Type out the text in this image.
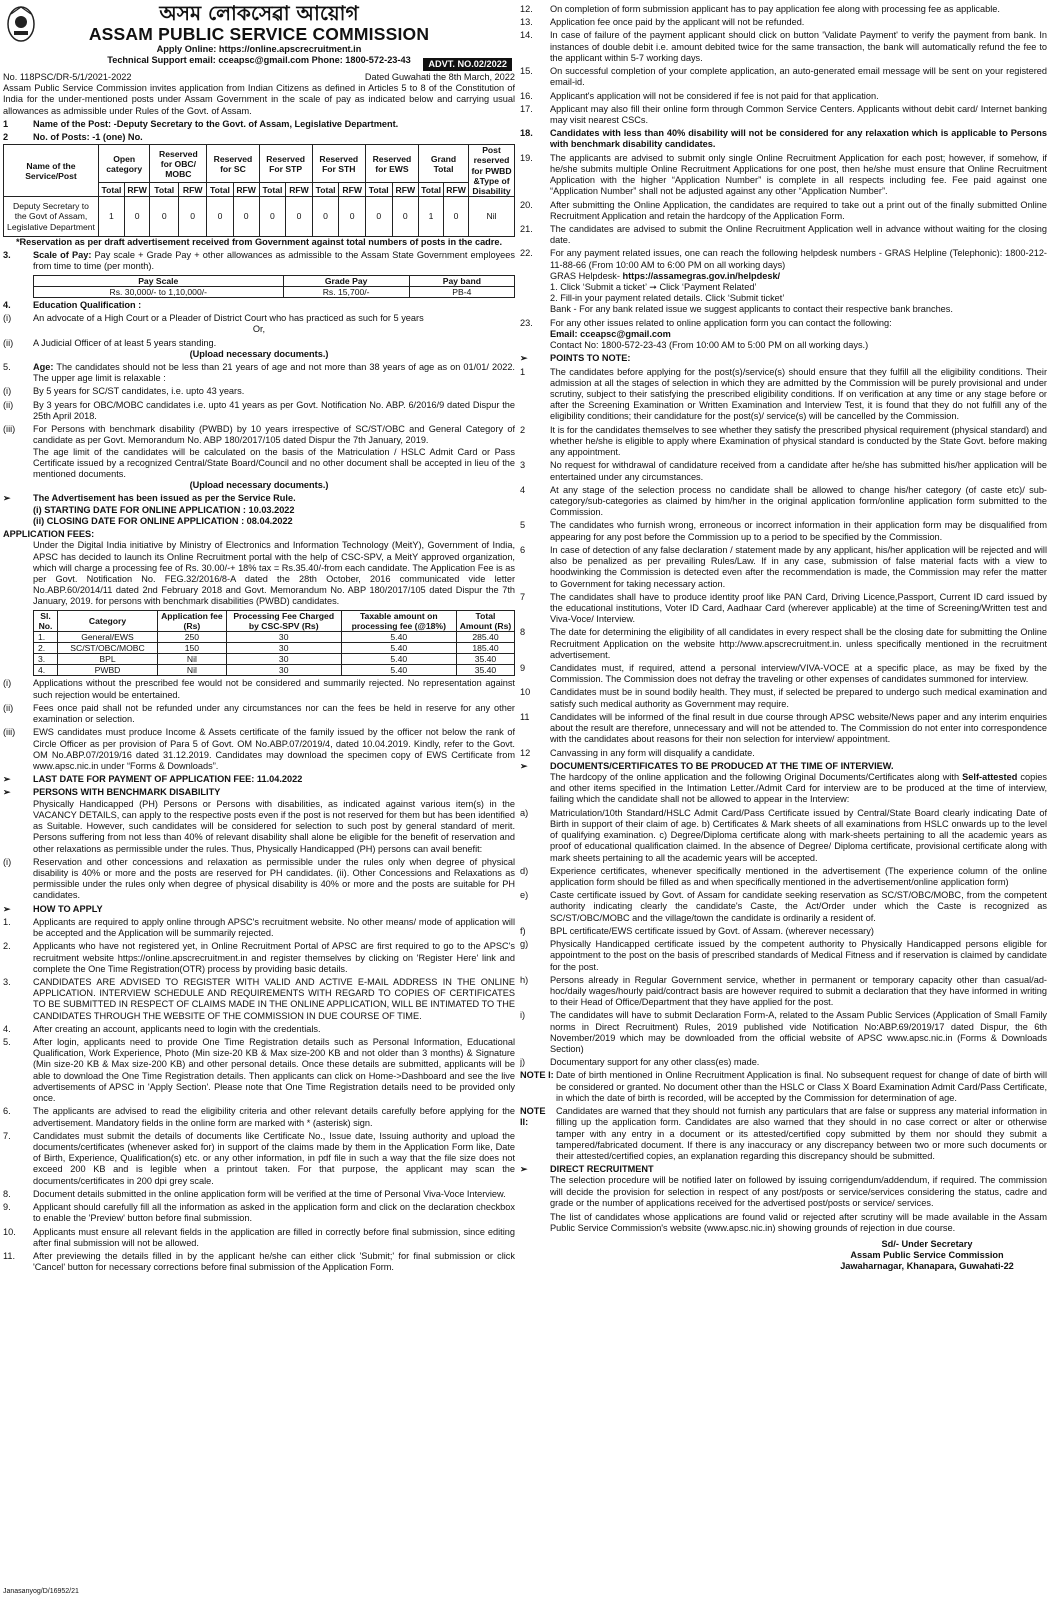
অসম লোকসেৱা আয়োগ
ASSAM PUBLIC SERVICE COMMISSION
Apply Online: https://online.apscrecruitment.in
Technical Support email: cceapsc@gmail.com Phone: 1800-572-23-43	ADVT. NO.02/2022
No. 118PSC/DR-5/1/2021-2022	Dated Guwahati the 8th March, 2022

Assam Public Service Commission invites application from Indian Citizens as defined in Articles 5 to 8 of the Constitution of India for the under-mentioned posts under Assam Government in the scale of pay as indicated below and carrying usual allowances as admissible under Rules of the Govt. of Assam.

1	Name of the Post: -Deputy Secretary to the Govt. of Assam, Legislative Department.
2	No. of Posts: -1 (one) No.
Name of the Service/Post	Open category		Reserved for OBC/ MOBC		Reserved for SC		Reserved For STP		Reserved For STH		Reserved for EWS		Grand Total		Post reserved for PWBD &Type of Disability
	Total	RFW	Total	RFW	Total	RFW	Total	RFW	Total	RFW	Total	RFW	Total	RFW	
Deputy Secretary to the Govt of Assam, Legislative Department	1	0	0	0	0	0	0	0	0	0	0	0	1	0	Nil
*Reservation as per draft advertisement received from Government against total numbers of posts in the cadre.
3.	Scale of Pay: Pay scale + Grade Pay + other allowances as admissible to the Assam State Government employees from time to time (per month).
Pay Scale	Grade Pay	Pay band
Rs. 30,000/- to 1,10,000/-	Rs. 15,700/-	PB-4
4.	Education Qualification :
(i)	An advocate of a High Court or a Pleader of District Court who has practiced as such for 5 years
Or,
(ii)	A Judicial Officer of at least 5 years standing.
(Upload necessary documents.)
5.	Age: The candidates should not be less than 21 years of age and not more than 38 years of age as on 01/01/ 2022. The upper age limit is relaxable :
(i)	By 5 years for SC/ST candidates, i.e. upto 43 years.
(ii)	By 3 years for OBC/MOBC candidates i.e. upto 41 years as per Govt. Notification No. ABP. 6/2016/9 dated Dispur the 25th April 2018.
(iii)	For Persons with benchmark disability (PWBD) by 10 years irrespective of SC/ST/OBC and General Category of candidate as per Govt. Memorandum No. ABP 180/2017/105 dated Dispur the 7th January, 2019.

The age limit of the candidates will be calculated on the basis of the Matriculation / HSLC Admit Card or Pass Certificate issued by a recognized Central/State Board/Council and no other document shall be accepted in lieu of the mentioned documents.

(Upload necessary documents.)
➢	The Advertisement has been issued as per the Service Rule.
(i) STARTING DATE FOR ONLINE APPLICATION : 10.03.2022
(ii) CLOSING DATE FOR ONLINE APPLICATION : 08.04.2022
APPLICATION FEES:

Under the Digital India initiative by Ministry of Electronics and Information Technology (MeitY), Government of India, APSC has decided to launch its Online Recruitment portal with the help of CSC-SPV, a MeitY approved organization, which will charge a processing fee of Rs. 30.00/-+ 18% tax = Rs.35.40/-from each candidate. The Application Fee is as per Govt. Notification No. FEG.32/2016/8-A dated the 28th October, 2016 communicated vide letter No.ABP.60/2014/11 dated 2nd February 2018 and Govt. Memorandum No. ABP 180/2017/105 dated Dispur the 7th January, 2019. for persons with benchmark disabilities (PWBD) candidates.

Sl. No.	Category	Application fee (Rs)	Processing Fee Charged by CSC-SPV (Rs)	Taxable amount on processing fee (@18%)	Total Amount (Rs)
1.	General/EWS	250	30	5.40	285.40
2.	SC/ST/OBC/MOBC	150	30	5.40	185.40
3.	BPL	Nil	30	5.40	35.40
4.	PWBD	Nil	30	5.40	35.40
(i)	Applications without the prescribed fee would not be considered and summarily rejected. No representation against such rejection would be entertained.
(ii)	Fees once paid shall not be refunded under any circumstances nor can the fees be held in reserve for any other examination or selection.
(iii)	EWS candidates must produce Income & Assets certificate of the family issued by the officer not below the rank of Circle Officer as per provision of Para 5 of Govt. OM No.ABP.07/2019/4, dated 10.04.2019. Kindly, refer to the Govt. OM No.ABP.07/2019/16 dated 31.12.2019. Candidates may download the specimen copy of EWS Certificate from www.apsc.nic.in under “Forms & Downloads”.
➢	LAST DATE FOR PAYMENT OF APPLICATION FEE: 11.04.2022
➢	PERSONS WITH BENCHMARK DISABILITY

Physically Handicapped (PH) Persons or Persons with disabilities, as indicated against various item(s) in the VACANCY DETAILS, can apply to the respective posts even if the post is not reserved for them but has been identified as Suitable. However, such candidates will be considered for selection to such post by general standard of merit. Persons suffering from not less than 40% of relevant disability shall alone be eligible for the benefit of reservation and other relaxations as permissible under the rules. Thus, Physically Handicapped (PH) persons can avail benefit:

(i)	Reservation and other concessions and relaxation as permissible under the rules only when degree of physical disability is 40% or more and the posts are reserved for PH candidates. (ii). Other Concessions and Relaxations as permissible under the rules only when degree of physical disability is 40% or more and the posts are suitable for PH candidates.
➢	HOW TO APPLY
1.	Applicants are required to apply online through APSC's recruitment website. No other means/ mode of application will be accepted and the Application will be summarily rejected.
2.	Applicants who have not registered yet, in Online Recruitment Portal of APSC are first required to go to the APSC's recruitment website https://online.apscrecruitment.in and register themselves by clicking on 'Register Here' link and complete the One Time Registration(OTR) process by providing basic details.
3.	CANDIDATES ARE ADVISED TO REGISTER WITH VALID AND ACTIVE E-MAIL ADDRESS IN THE ONLINE APPLICATION. INTERVIEW SCHEDULE AND REQUIREMENTS WITH REGARD TO COPIES OF CERTIFICATES TO BE SUBMITTED IN RESPECT OF CLAIMS MADE IN THE ONLINE APPLICATION, WILL BE INTIMATED TO THE CANDIDATES THROUGH THE WEBSITE OF THE COMMISSION IN DUE COURSE OF TIME.
4.	After creating an account, applicants need to login with the credentials.
5.	After login, applicants need to provide One Time Registration details such as Personal Information, Educational Qualification, Work Experience, Photo (Min size-20 KB & Max size-200 KB and not older than 3 months) & Signature (Min size-20 KB & Max size-200 KB) and other personal details. Once these details are submitted, applicants will be able to download the One Time Registration details. Then applicants can click on Home->Dashboard and see the live advertisements of APSC in 'Apply Section'. Please note that One Time Registration details need to be provided only once.
6.	The applicants are advised to read the eligibility criteria and other relevant details carefully before applying for the advertisement. Mandatory fields in the online form are marked with * (asterisk) sign.
7.	Candidates must submit the details of documents like Certificate No., Issue date, Issuing authority and upload the documents/certificates (whenever asked for) in support of the claims made by them in the Application Form like, Date of Birth, Experience, Qualification(s) etc. or any other information, in pdf file in such a way that the file size does not exceed 200 KB and is legible when a printout taken. For that purpose, the applicant may scan the documents/certificates in 200 dpi grey scale.
8.	Document details submitted in the online application form will be verified at the time of Personal Viva-Voce Interview.
9.	Applicant should carefully fill all the information as asked in the application form and click on the declaration checkbox to enable the 'Preview' button before final submission.
10.	Applicants must ensure all relevant fields in the application are filled in correctly before final submission, since editing after final submission will not be allowed.
11.	After previewing the details filled in by the applicant he/she can either click 'Submit;' for final submission or click 'Cancel' button for necessary corrections before final submission of the Application Form.
Janasanyog/D/16952/21
12.	On completion of form submission applicant has to pay application fee along with processing fee as applicable.
13.	Application fee once paid by the applicant will not be refunded.
14.	In case of failure of the payment applicant should click on button 'Validate Payment' to verify the payment from bank. In instances of double debit i.e. amount debited twice for the same transaction, the bank will automatically refund the fee to the applicant within 5-7 working days.
15.	On successful completion of your complete application, an auto-generated email message will be sent on your registered email-id.
16.	Applicant's application will not be considered if fee is not paid for that application.
17.	Applicant may also fill their online form through Common Service Centers. Applicants without debit card/ Internet banking may visit nearest CSCs.
18.	Candidates with less than 40% disability will not be considered for any relaxation which is applicable to Persons with benchmark disability candidates.
19.	The applicants are advised to submit only single Online Recruitment Application for each post; however, if somehow, if he/she submits multiple Online Recruitment Applications for one post, then he/she must ensure that Online Recruitment Application with the higher “Application Number” is complete in all respects including fee. Fee paid against one “Application Number” shall not be adjusted against any other “Application Number”.
20.	After submitting the Online Application, the candidates are required to take out a print out of the finally submitted Online Recruitment Application and retain the hardcopy of the Application Form.
21.	The candidates are advised to submit the Online Recruitment Application well in advance without waiting for the closing date.
22.	For any payment related issues, one can reach the following helpdesk numbers - GRAS Helpline (Telephonic): 1800-212-11-88-66 (From 10:00 AM to 6:00 PM on all working days)
GRAS Helpdesk- https://assamegras.gov.in/helpdesk/
1. Click ‘Submit a ticket’ ➞ Click ‘Payment Related’
2. Fill-in your payment related details. Click ‘Submit ticket’
Bank - For any bank related issue we suggest applicants to contact their respective bank branches.
23.	For any other issues related to online application form you can contact the following:
Email: cceapsc@gmail.com
Contact No: 1800-572-23-43 (From 10:00 AM to 5:00 PM on all working days.)
➢	POINTS TO NOTE:
1	The candidates before applying for the post(s)/service(s) should ensure that they fulfill all the eligibility conditions. Their admission at all the stages of selection in which they are admitted by the Commission will be purely provisional and under scrutiny, subject to their satisfying the prescribed eligibility conditions. If on verification at any time or any stage before or after the Screening Examination or Written Examination and Interview Test, it is found that they do not fulfill any of the eligibility conditions; their candidature for the post(s)/ service(s) will be cancelled by the Commission.
2	It is for the candidates themselves to see whether they satisfy the prescribed physical requirement (physical standard) and whether he/she is eligible to apply where Examination of physical standard is conducted by the State Govt. before making any appointment.
3	No request for withdrawal of candidature received from a candidate after he/she has submitted his/her application will be entertained under any circumstances.
4	At any stage of the selection process no candidate shall be allowed to change his/her category (of caste etc)/ sub-category/sub-categories as claimed by him/her in the original application form/online application form submitted to the Commission.
5	The candidates who furnish wrong, erroneous or incorrect information in their application form may be disqualified from appearing for any post before the Commission up to a period to be specified by the Commission.
6	In case of detection of any false declaration / statement made by any applicant, his/her application will be rejected and will also be penalized as per prevailing Rules/Law. If in any case, submission of false material facts with a view to hoodwinking the Commission is detected even after the recommendation is made, the Commission may refer the matter to Government for taking necessary action.
7	The candidates shall have to produce identity proof like PAN Card, Driving Licence,Passport, Current ID card issued by the educational institutions, Voter ID Card, Aadhaar Card (wherever applicable) at the time of Screening/Written test and Viva-Voce/ Interview.
8	The date for determining the eligibility of all candidates in every respect shall be the closing date for submitting the Online Recruitment Application on the website http://www.apscrecruitment.in. unless specifically mentioned in the recruitment advertisement.
9	Candidates must, if required, attend a personal interview/VIVA-VOCE at a specific place, as may be fixed by the Commission. The Commission does not defray the traveling or other expenses of candidates summoned for interview.
10	Candidates must be in sound bodily health. They must, if selected be prepared to undergo such medical examination and satisfy such medical authority as Government may require.
11	Candidates will be informed of the final result in due course through APSC website/News paper and any interim enquiries about the result are therefore, unnecessary and will not be attended to. The Commission do not enter into correspondence with the candidates about reasons for their non selection for interview/ appointment.
12	Canvassing in any form will disqualify a candidate.
➢	DOCUMENTS/CERTIFICATES TO BE PRODUCED AT THE TIME OF INTERVIEW.

The hardcopy of the online application and the following Original Documents/Certificates along with Self-attested copies and other items specified in the Intimation Letter./Admit Card for interview are to be produced at the time of interview, failing which the candidate shall not be allowed to appear in the Interview:

a)	Matriculation/10th Standard/HSLC Admit Card/Pass Certificate issued by Central/State Board clearly indicating Date of Birth in support of their claim of age. b) Certificates & Mark sheets of all examinations from HSLC onwards up to the level of qualifying examination. c) Degree/Diploma certificate along with mark-sheets pertaining to all the academic years as proof of educational qualification claimed. In the absence of Degree/ Diploma certificate, provisional certificate along with mark sheets pertaining to all the academic years will be accepted.
d)	Experience certificates, whenever specifically mentioned in the advertisement (The experience column of the online application form should be filled as and when specifically mentioned in the advertisement/online application form)
e)	Caste certificate issued by Govt. of Assam for candidate seeking reservation as SC/ST/OBC/MOBC, from the competent authority indicating clearly the candidate's Caste, the Act/Order under which the Caste is recognized as SC/ST/OBC/MOBC and the village/town the candidate is ordinarily a resident of.
f)	BPL certificate/EWS certificate issued by Govt. of Assam. (wherever necessary)
g)	Physically Handicapped certificate issued by the competent authority to Physically Handicapped persons eligible for appointment to the post on the basis of prescribed standards of Medical Fitness and if reservation is claimed by candidate for the post.
h)	Persons already in Regular Government service, whether in permanent or temporary capacity other than casual/ad-hoc/daily wages/hourly paid/contract basis are however required to submit a declaration that they have informed in writing to their Head of Office/Department that they have applied for the post.
i)	The candidates will have to submit Declaration Form-A, related to the Assam Public Services (Application of Small Family norms in Direct Recruitment) Rules, 2019 published vide Notification No:ABP.69/2019/17 dated Dispur, the 6th November/2019 which may be downloaded from the official website of APSC www.apsc.nic.in (Forms & Downloads Section)
j)	Documentary support for any other class(es) made.
NOTE I: Date of birth mentioned in Online Recruitment Application is final. No subsequent request for change of date of birth will be considered or granted. No document other than the HSLC or Class X Board Examination Admit Card/Pass Certificate, in which the date of birth is recorded, will be accepted by the Commission for determination of age.
NOTE II:
Candidates are warned that they should not furnish any particulars that are false or suppress any material information in filling up the application form. Candidates are also warned that they should in no case correct or alter or otherwise tamper with any entry in a document or its attested/certified copy submitted by them nor should they submit a tampered/fabricated document. If there is any inaccuracy or any discrepancy between two or more such documents or their attested/certified copies, an explanation regarding this discrepancy should be submitted.
➢	DIRECT RECRUITMENT

The selection procedure will be notified later on followed by issuing corrigendum/addendum, if required. The commission will decide the provision for selection in respect of any post/posts or service/services considering the status, cadre and grade or the number of applications received for the advertised post/posts or service/ services.

The list of candidates whose applications are found valid or rejected after scrutiny will be made available in the Assam Public Service Commission's website (www.apsc.nic.in) showing grounds of rejection in due course.

Sd/- Under Secretary
Assam Public Service Commission
Jawaharnagar, Khanapara, Guwahati-22
